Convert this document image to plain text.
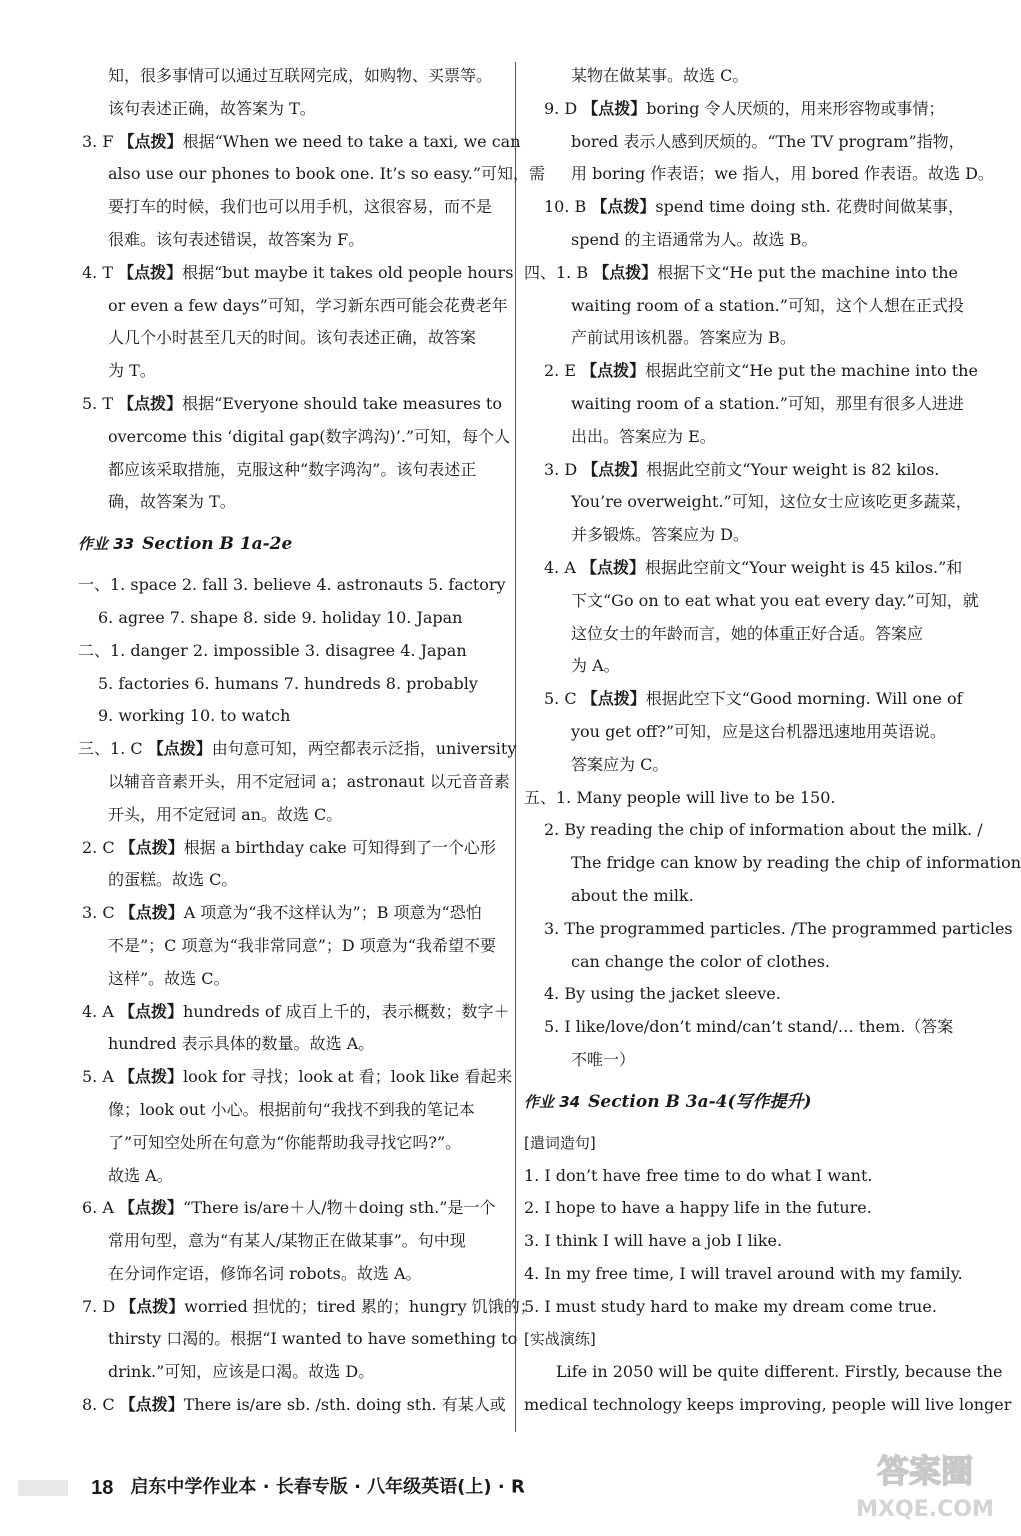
知，很多事情可以通过互联网完成，如购物、买票等。
该句表述正确，故答案为 T。
3. F 【点拨】根据“When we need to take a taxi, we can
also use our phones to book one. It’s so easy.”可知，需
要打车的时候，我们也可以用手机，这很容易，而不是
很难。该句表述错误，故答案为 F。
4. T 【点拨】根据“but maybe it takes old people hours
or even a few days”可知，学习新东西可能会花费老年
人几个小时甚至几天的时间。该句表述正确，故答案
为 T。
5. T 【点拨】根据“Everyone should take measures to
overcome this ‘digital gap(数字鸿沟)’.”可知，每个人
都应该采取措施，克服这种“数字鸿沟”。该句表述正
确，故答案为 T。
作业 33 Section B 1a-2e
一、1. space 2. fall 3. believe 4. astronauts 5. factory
6. agree 7. shape 8. side 9. holiday 10. Japan
二、1. danger 2. impossible 3. disagree 4. Japan
5. factories 6. humans 7. hundreds 8. probably
9. working 10. to watch
三、1. C 【点拨】由句意可知，两空都表示泛指，university
以辅音音素开头，用不定冠词 a；astronaut 以元音音素
开头，用不定冠词 an。故选 C。
2. C 【点拨】根据 a birthday cake 可知得到了一个心形
的蛋糕。故选 C。
3. C 【点拨】A 项意为“我不这样认为”；B 项意为“恐怕
不是”；C 项意为“我非常同意”；D 项意为“我希望不要
这样”。故选 C。
4. A 【点拨】hundreds of 成百上千的，表示概数；数字＋
hundred 表示具体的数量。故选 A。
5. A 【点拨】look for 寻找；look at 看；look like 看起来
像；look out 小心。根据前句“我找不到我的笔记本
了”可知空处所在句意为“你能帮助我寻找它吗?”。
故选 A。
6. A 【点拨】“There is/are＋人/物＋doing sth.”是一个
常用句型，意为“有某人/某物正在做某事”。句中现
在分词作定语，修饰名词 robots。故选 A。
7. D 【点拨】worried 担忧的；tired 累的；hungry 饥饿的；
thirsty 口渴的。根据“I wanted to have something to
drink.”可知，应该是口渴。故选 D。
8. C 【点拨】There is/are sb. /sth. doing sth. 有某人或
某物在做某事。故选 C。
9. D 【点拨】boring 令人厌烦的，用来形容物或事情；
bored 表示人感到厌烦的。“The TV program”指物，
用 boring 作表语；we 指人，用 bored 作表语。故选 D。
10. B 【点拨】spend time doing sth. 花费时间做某事，
spend 的主语通常为人。故选 B。
四、1. B 【点拨】根据下文“He put the machine into the
waiting room of a station.”可知，这个人想在正式投
产前试用该机器。答案应为 B。
2. E 【点拨】根据此空前文“He put the machine into the
waiting room of a station.”可知，那里有很多人进进
出出。答案应为 E。
3. D 【点拨】根据此空前文“Your weight is 82 kilos.
You’re overweight.”可知，这位女士应该吃更多蔬菜，
并多锻炼。答案应为 D。
4. A 【点拨】根据此空前文“Your weight is 45 kilos.”和
下文“Go on to eat what you eat every day.”可知，就
这位女士的年龄而言，她的体重正好合适。答案应
为 A。
5. C 【点拨】根据此空下文“Good morning. Will one of
you get off?”可知，应是这台机器迅速地用英语说。
答案应为 C。
五、1. Many people will live to be 150.
2. By reading the chip of information about the milk. /
The fridge can know by reading the chip of information
about the milk.
3. The programmed particles. /The programmed particles
can change the color of clothes.
4. By using the jacket sleeve.
5. I like/love/don’t mind/can’t stand/… them.（答案
不唯一）
作业 34 Section B 3a-4(写作提升)
[遣词造句]
1. I don’t have free time to do what I want.
2. I hope to have a happy life in the future.
3. I think I will have a job I like.
4. In my free time, I will travel around with my family.
5. I must study hard to make my dream come true.
[实战演练]
Life in 2050 will be quite different. Firstly, because the
medical technology keeps improving, people will live longer
18 启东中学作业本 · 长春专版 · 八年级英语(上) · R	答案圈
MXQE.COM
